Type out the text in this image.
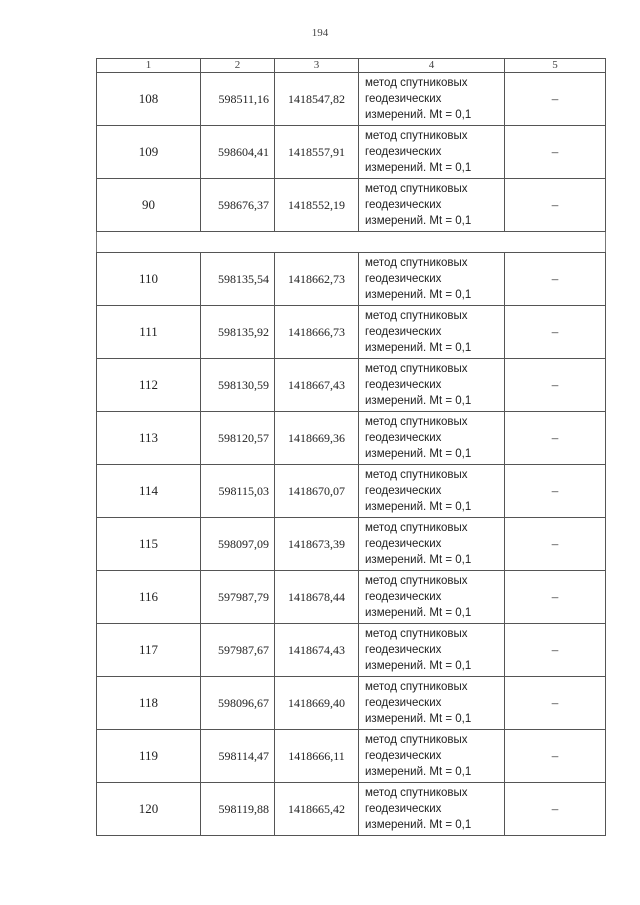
194
1	2	3	4	5
108	598511,16	1418547,82	метод спутниковых
геодезических
измерений. Mt = 0,1	–
109	598604,41	1418557,91	метод спутниковых
геодезических
измерений. Mt = 0,1	–
90	598676,37	1418552,19	метод спутниковых
геодезических
измерений. Mt = 0,1	–

110	598135,54	1418662,73	метод спутниковых
геодезических
измерений. Mt = 0,1	–
111	598135,92	1418666,73	метод спутниковых
геодезических
измерений. Mt = 0,1	–
112	598130,59	1418667,43	метод спутниковых
геодезических
измерений. Mt = 0,1	–
113	598120,57	1418669,36	метод спутниковых
геодезических
измерений. Mt = 0,1	–
114	598115,03	1418670,07	метод спутниковых
геодезических
измерений. Mt = 0,1	–
115	598097,09	1418673,39	метод спутниковых
геодезических
измерений. Mt = 0,1	–
116	597987,79	1418678,44	метод спутниковых
геодезических
измерений. Mt = 0,1	–
117	597987,67	1418674,43	метод спутниковых
геодезических
измерений. Mt = 0,1	–
118	598096,67	1418669,40	метод спутниковых
геодезических
измерений. Mt = 0,1	–
119	598114,47	1418666,11	метод спутниковых
геодезических
измерений. Mt = 0,1	–
120	598119,88	1418665,42	метод спутниковых
геодезических
измерений. Mt = 0,1	–
